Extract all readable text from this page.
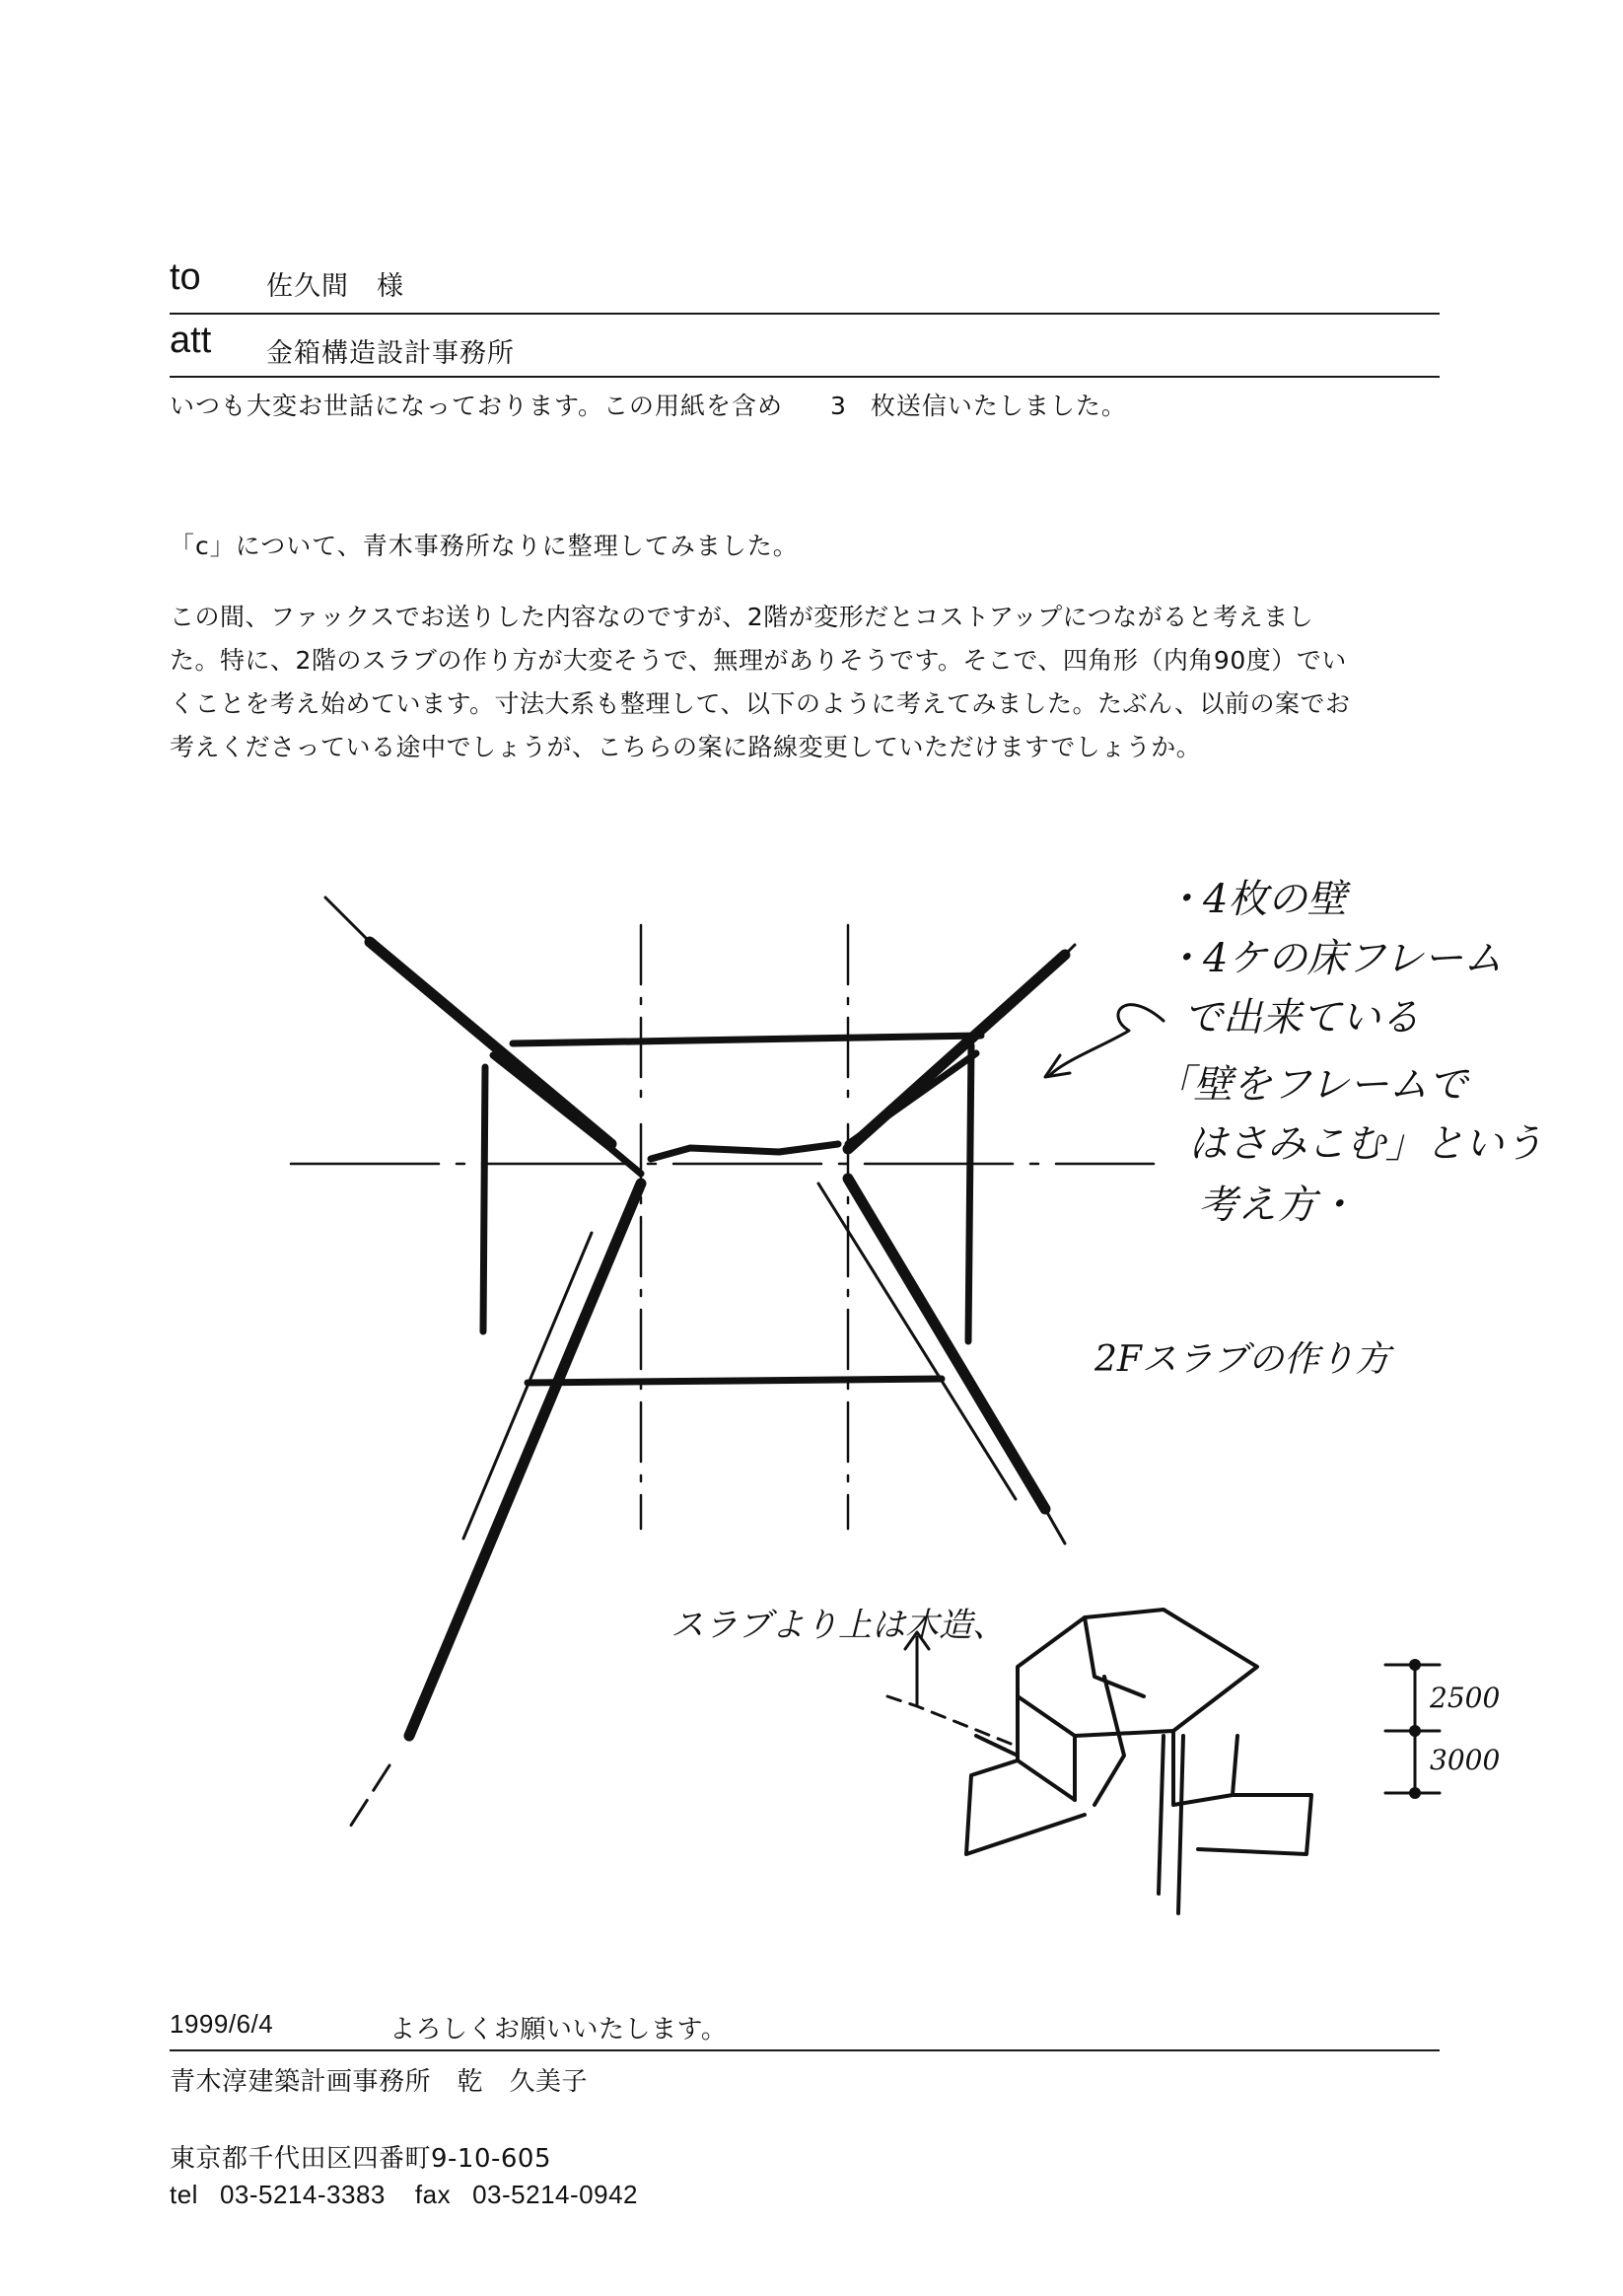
to 佐久間　様
att 金箱構造設計事務所
いつも大変お世話になっております。この用紙を含め 3 枚送信いたしました。
「c」について、青木事務所なりに整理してみました。
この間、ファックスでお送りした内容なのですが、2階が変形だとコストアップにつながると考えまし
た。特に、2階のスラブの作り方が大変そうで、無理がありそうです。そこで、四角形（内角90度）でい
くことを考え始めています。寸法大系も整理して、以下のように考えてみました。たぶん、以前の案でお
考えくださっている途中でしょうが、こちらの案に路線変更していただけますでしょうか。
・4枚の壁
・4ケの床フレーム
で出来ている
「壁をフレームで
はさみこむ」という
考え方・
2Fスラブの作り方
スラブより上は木造、
2500
3000
1999/6/4	よろしくお願いいたします。
青木淳建築計画事務所　乾　久美子
東京都千代田区四番町9-10-605
tel 03-5214-3383 fax 03-5214-0942
